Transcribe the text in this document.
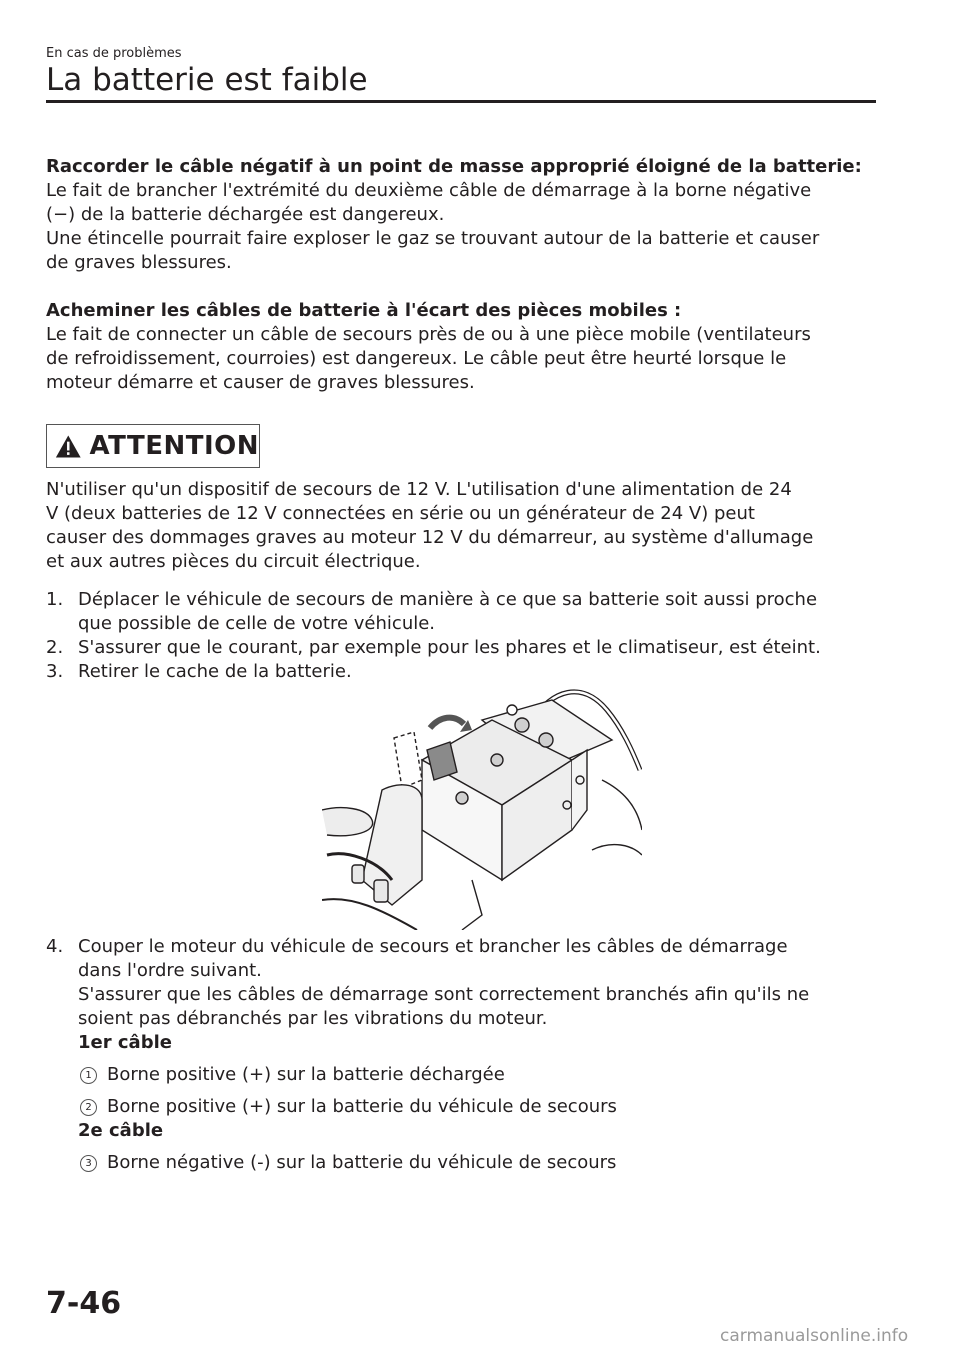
En cas de problèmes
La batterie est faible

Raccorder le câble négatif à un point de masse approprié éloigné de la batterie:

Le fait de brancher l'extrémité du deuxième câble de démarrage à la borne négative

(−) de la batterie déchargée est dangereux.

Une étincelle pourrait faire exploser le gaz se trouvant autour de la batterie et causer

de graves blessures.

Acheminer les câbles de batterie à l'écart des pièces mobiles :

Le fait de connecter un câble de secours près de ou à une pièce mobile (ventilateurs

de refroidissement, courroies) est dangereux. Le câble peut être heurté lorsque le

moteur démarre et causer de graves blessures.

ATTENTION

N'utiliser qu'un dispositif de secours de 12 V. L'utilisation d'une alimentation de 24

V (deux batteries de 12 V connectées en série ou un générateur de 24 V) peut

causer des dommages graves au moteur 12 V du démarreur, au système d'allumage

et aux autres pièces du circuit électrique.

1. Déplacer le véhicule de secours de manière à ce que sa batterie soit aussi proche
que possible de celle de votre véhicule.
2. S'assurer que le courant, par exemple pour les phares et le climatiseur, est éteint.
3. Retirer le cache de la batterie.
4. Couper le moteur du véhicule de secours et brancher les câbles de démarrage
dans l'ordre suivant.
S'assurer que les câbles de démarrage sont correctement branchés afin qu'ils ne
soient pas débranchés par les vibrations du moteur.
1er câble
1 Borne positive (+) sur la batterie déchargée
2 Borne positive (+) sur la batterie du véhicule de secours
2e câble
3 Borne négative (-) sur la batterie du véhicule de secours
7-46
carmanualsonline.info
